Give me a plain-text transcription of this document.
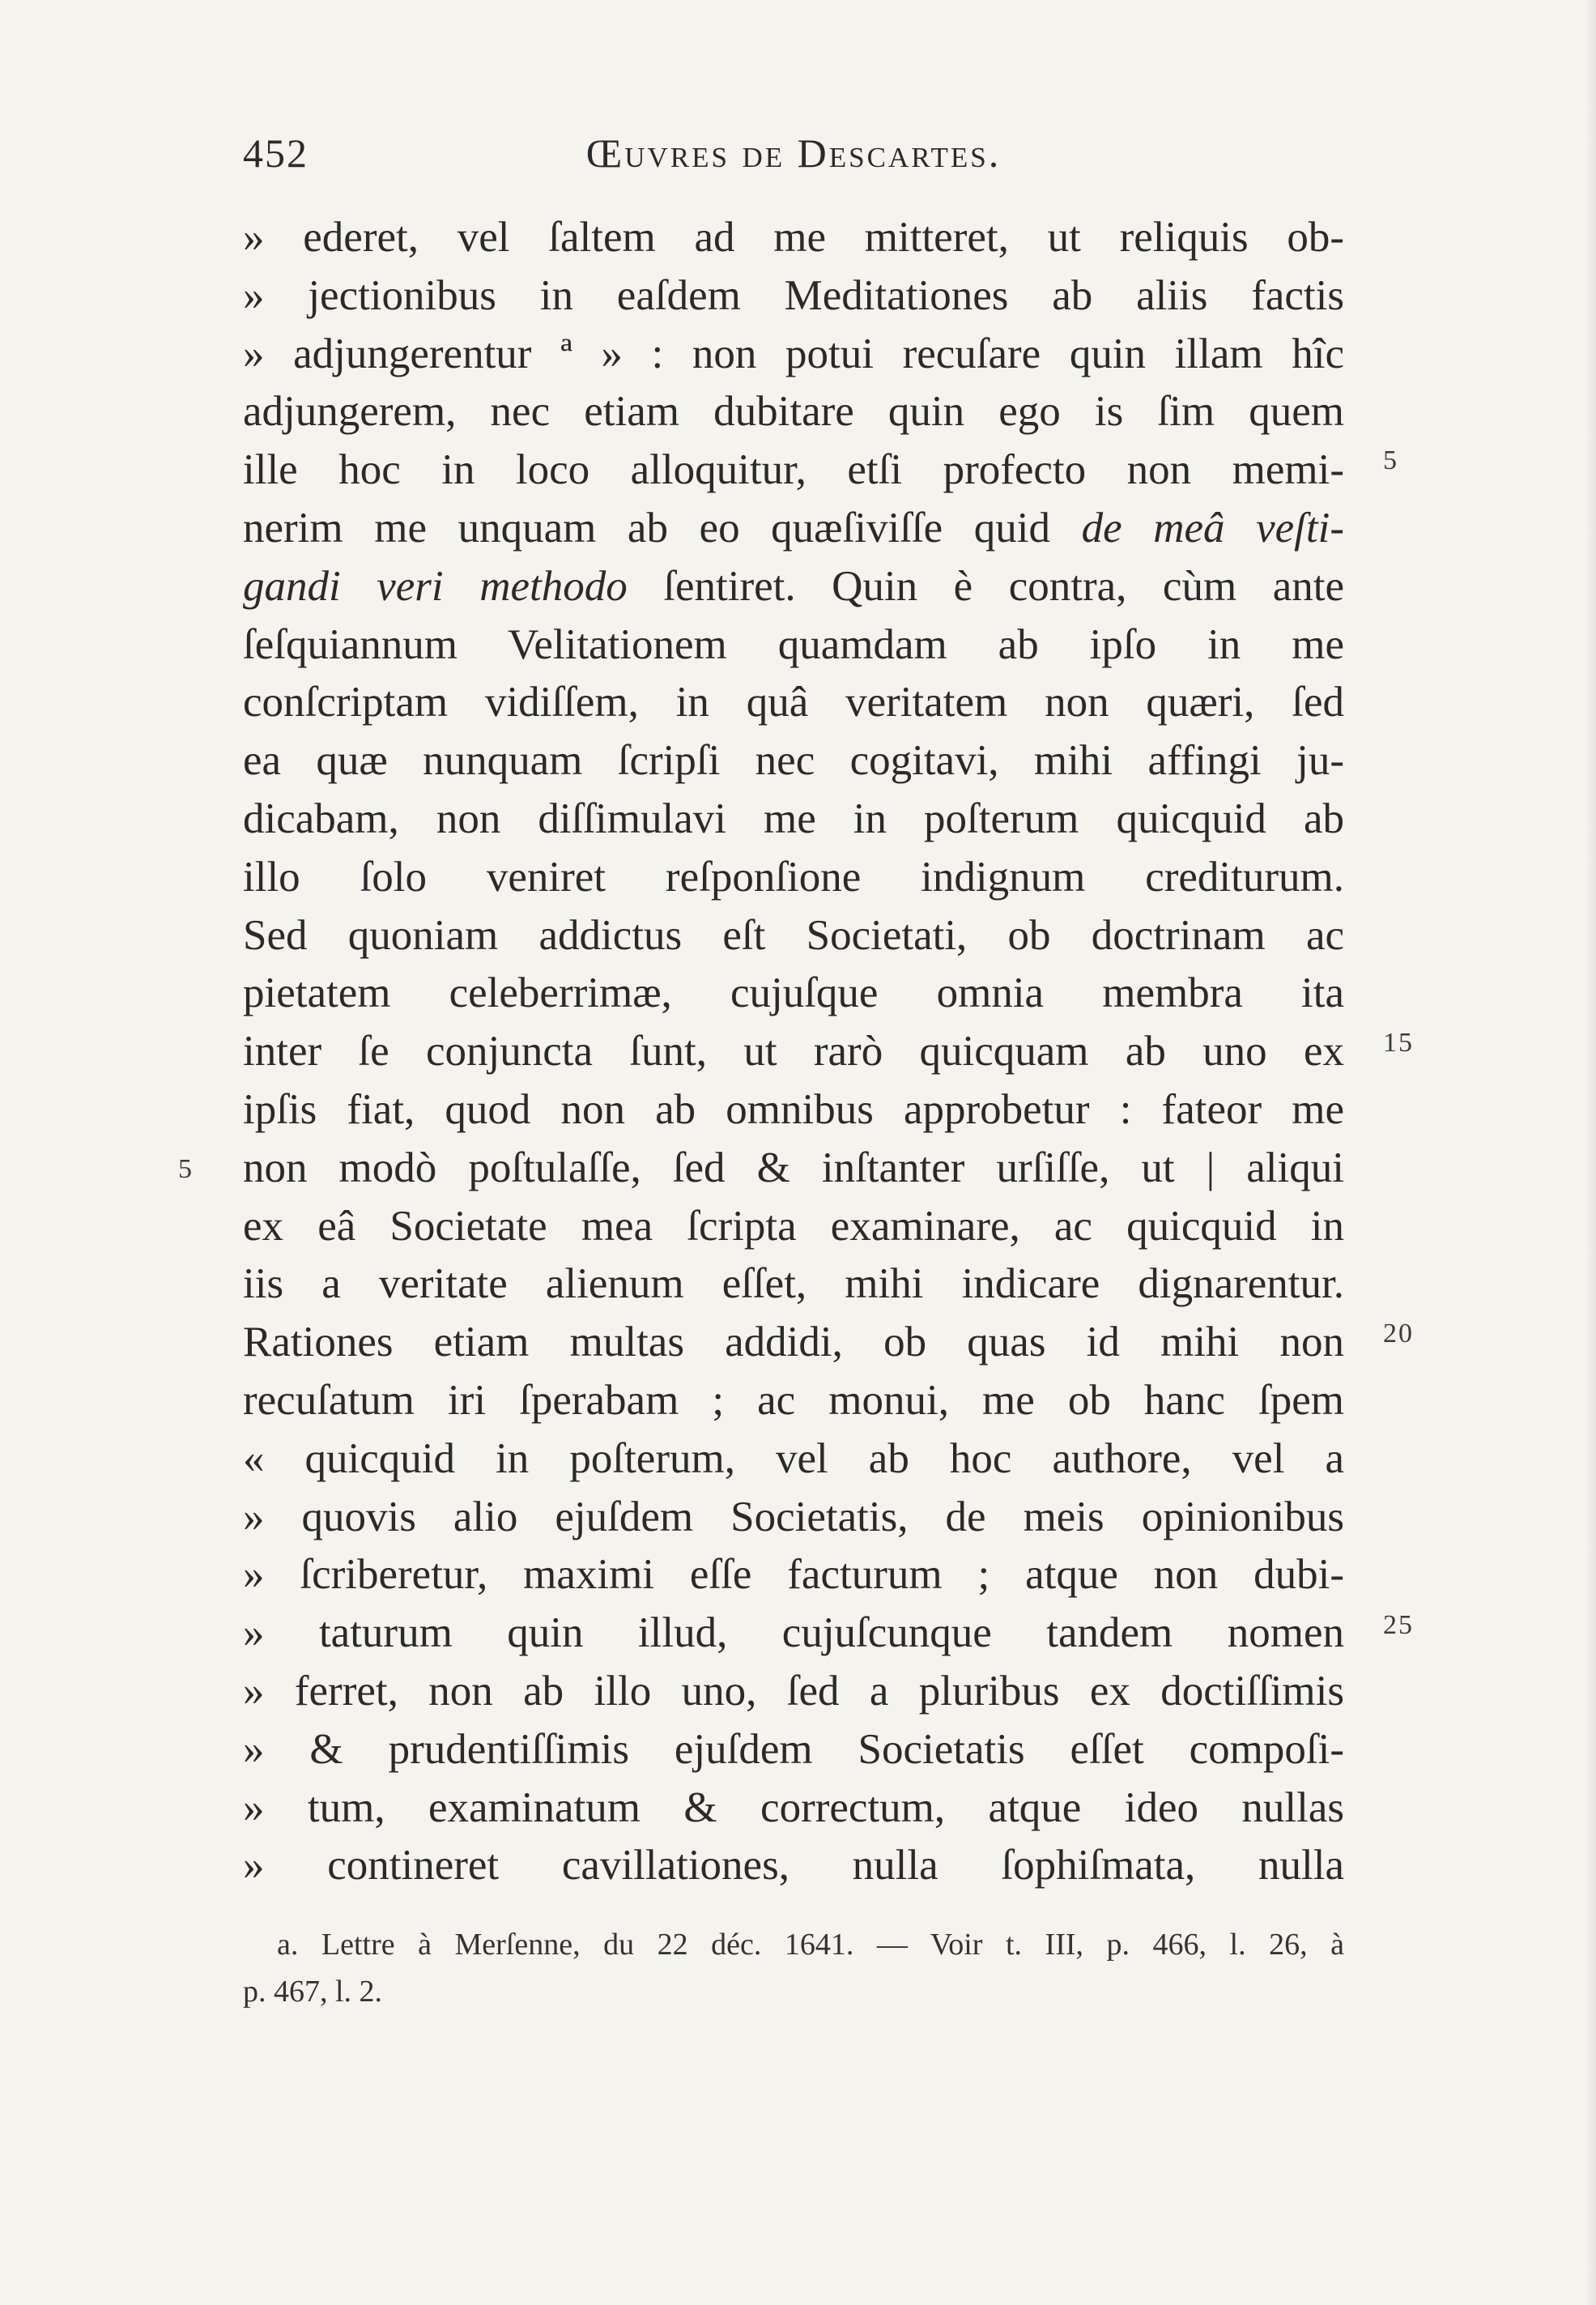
452	Œuvres de Descartes.
» ederet, vel ſaltem ad me mitteret, ut reliquis ob-
» jectionibus in eaſdem Meditationes ab aliis factis
» adjungerentur ª » : non potui recuſare quin illam hîc
adjungerem, nec etiam dubitare quin ego is ſim quem
ille hoc in loco alloquitur, etſi profecto non memi-
nerim me unquam ab eo quæſiviſſe quid de meâ veſti-
gandi veri methodo ſentiret. Quin è contra, cùm ante
ſeſquiannum Velitationem quamdam ab ipſo in me
conſcriptam vidiſſem, in quâ veritatem non quæri, ſed
ea quæ nunquam ſcripſi nec cogitavi, mihi affingi ju-
dicabam, non diſſimulavi me in poſterum quicquid ab
illo ſolo veniret reſponſione indignum crediturum.
Sed quoniam addictus eſt Societati, ob doctrinam ac
pietatem celeberrimæ, cujuſque omnia membra ita
inter ſe conjuncta ſunt, ut rarò quicquam ab uno ex
ipſis fiat, quod non ab omnibus approbetur : fateor me
non modò poſtulaſſe, ſed & inſtanter urſiſſe, ut | aliqui
ex eâ Societate mea ſcripta examinare, ac quicquid in
iis a veritate alienum eſſet, mihi indicare dignarentur.
Rationes etiam multas addidi, ob quas id mihi non
recuſatum iri ſperabam ; ac monui, me ob hanc ſpem
« quicquid in poſterum, vel ab hoc authore, vel a
» quovis alio ejuſdem Societatis, de meis opinionibus
» ſcriberetur, maximi eſſe facturum ; atque non dubi-
» taturum quin illud, cujuſcunque tandem nomen
» ferret, non ab illo uno, ſed a pluribus ex doctiſſimis
» & prudentiſſimis ejuſdem Societatis eſſet compoſi-
» tum, examinatum & correctum, atque ideo nullas
» contineret cavillationes, nulla ſophiſmata, nulla
5
15
20
25
5
a. Lettre à Merſenne, du 22 déc. 1641. — Voir t. III, p. 466, l. 26, à
p. 467, l. 2.
